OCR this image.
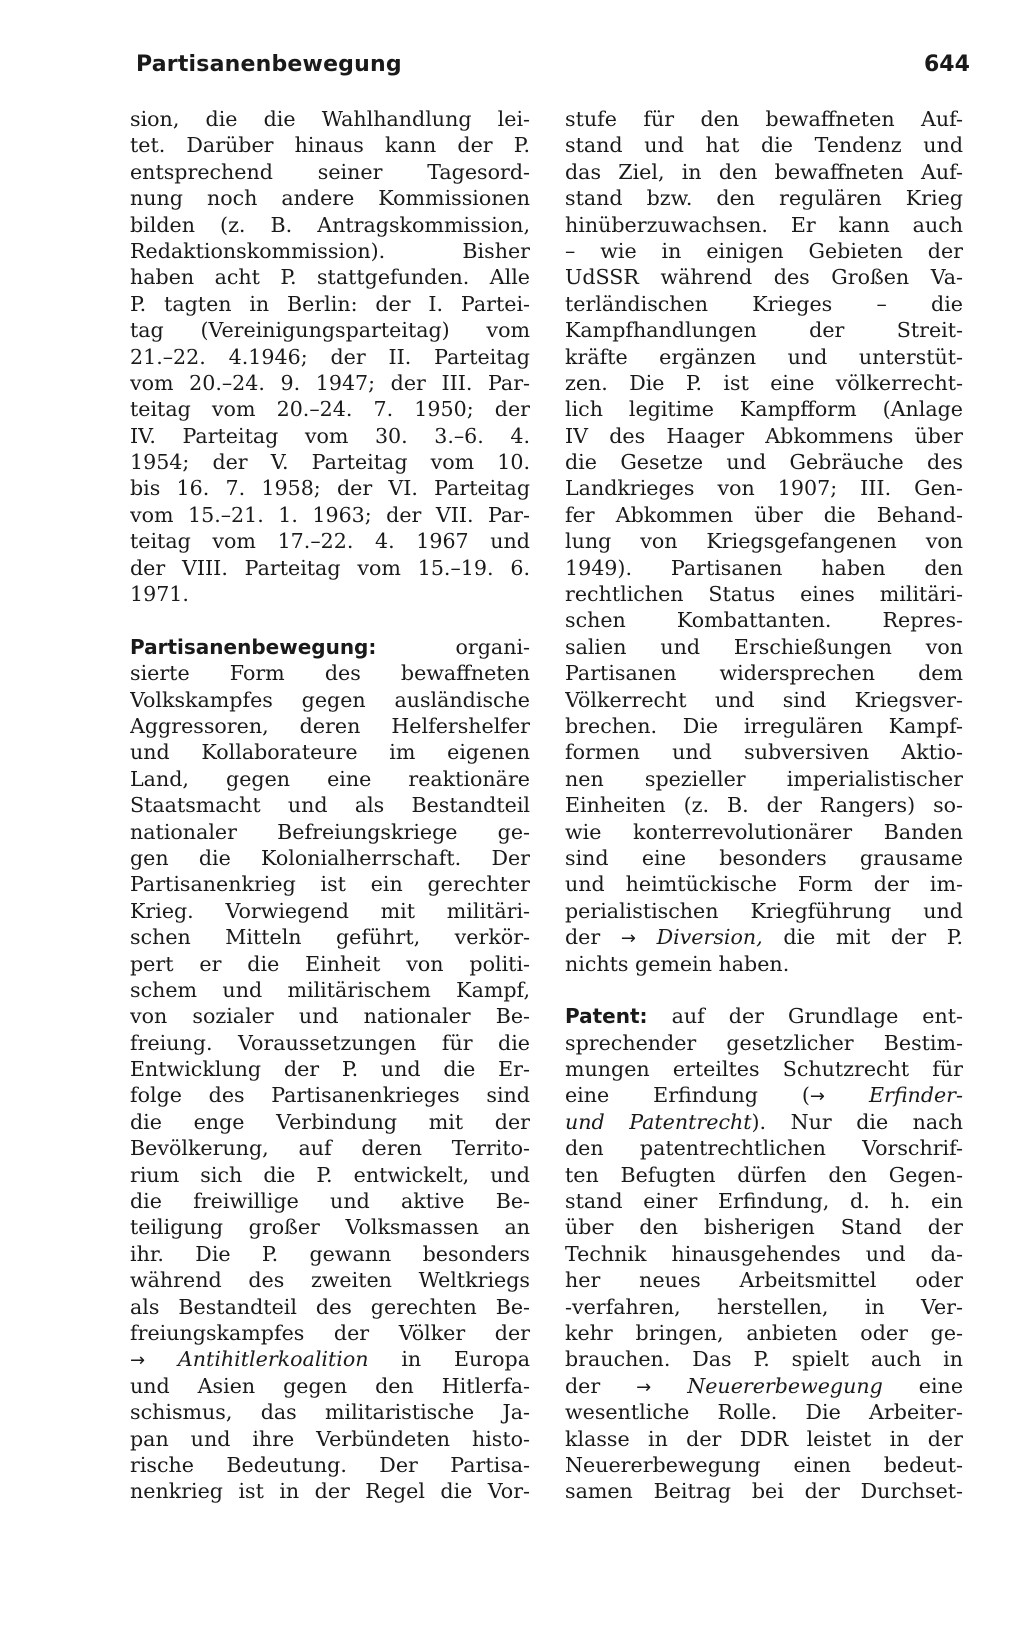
Partisanenbewegung	644
sion, die die Wahlhandlung lei-
tet. Darüber hinaus kann der P.
entsprechend seiner Tagesord-
nung noch andere Kommissionen
bilden (z. B. Antragskommission,
Redaktionskommission). Bisher
haben acht P. stattgefunden. Alle
P. tagten in Berlin: der I. Partei-
tag (Vereinigungsparteitag) vom
21.–22. 4.1946; der II. Parteitag
vom 20.–24. 9. 1947; der III. Par-
teitag vom 20.–24. 7. 1950; der
IV. Parteitag vom 30. 3.–6. 4.
1954; der V. Parteitag vom 10.
bis 16. 7. 1958; der VI. Parteitag
vom 15.–21. 1. 1963; der VII. Par-
teitag vom 17.–22. 4. 1967 und
der VIII. Parteitag vom 15.–19. 6.
1971.
Partisanenbewegung:	organi-
sierte Form des bewaffneten
Volkskampfes gegen ausländische
Aggressoren, deren Helfershelfer
und Kollaborateure im eigenen
Land, gegen eine reaktionäre
Staatsmacht und als Bestandteil
nationaler Befreiungskriege ge-
gen die Kolonialherrschaft. Der
Partisanenkrieg ist ein gerechter
Krieg. Vorwiegend mit militäri-
schen Mitteln geführt, verkör-
pert er die Einheit von politi-
schem und militärischem Kampf,
von sozialer und nationaler Be-
freiung. Voraussetzungen für die
Entwicklung der P. und die Er-
folge des Partisanenkrieges sind
die enge Verbindung mit der
Bevölkerung, auf deren Territo-
rium sich die P. entwickelt, und
die freiwillige und aktive Be-
teiligung großer Volksmassen an
ihr. Die P. gewann besonders
während des zweiten Weltkriegs
als Bestandteil des gerechten Be-
freiungskampfes der Völker der
→ Antihitlerkoalition in Europa
und Asien gegen den Hitlerfa-
schismus, das militaristische Ja-
pan und ihre Verbündeten histo-
rische Bedeutung. Der Partisa-
nenkrieg ist in der Regel die Vor-
stufe für den bewaffneten Auf-
stand und hat die Tendenz und
das Ziel, in den bewaffneten Auf-
stand bzw. den regulären Krieg
hinüberzuwachsen. Er kann auch
– wie in einigen Gebieten der
UdSSR während des Großen Va-
terländischen Krieges – die
Kampfhandlungen der Streit-
kräfte ergänzen und unterstüt-
zen. Die P. ist eine völkerrecht-
lich legitime Kampfform (Anlage
IV des Haager Abkommens über
die Gesetze und Gebräuche des
Landkrieges von 1907; III. Gen-
fer Abkommen über die Behand-
lung von Kriegsgefangenen von
1949). Partisanen haben den
rechtlichen Status eines militäri-
schen Kombattanten. Repres-
salien und Erschießungen von
Partisanen widersprechen dem
Völkerrecht und sind Kriegsver-
brechen. Die irregulären Kampf-
formen und subversiven Aktio-
nen spezieller imperialistischer
Einheiten (z. B. der Rangers) so-
wie konterrevolutionärer Banden
sind eine besonders grausame
und heimtückische Form der im-
perialistischen Kriegführung und
der → Diversion, die mit der P.
nichts gemein haben.
Patent: auf der Grundlage ent-
sprechender gesetzlicher Bestim-
mungen erteiltes Schutzrecht für
eine Erfindung (→ Erfinder-
und Patentrecht). Nur die nach
den patentrechtlichen Vorschrif-
ten Befugten dürfen den Gegen-
stand einer Erfindung, d. h. ein
über den bisherigen Stand der
Technik hinausgehendes und da-
her neues Arbeitsmittel oder
-verfahren, herstellen, in Ver-
kehr bringen, anbieten oder ge-
brauchen. Das P. spielt auch in
der → Neuererbewegung eine
wesentliche Rolle. Die Arbeiter-
klasse in der DDR leistet in der
Neuererbewegung einen bedeut-
samen Beitrag bei der Durchset-
